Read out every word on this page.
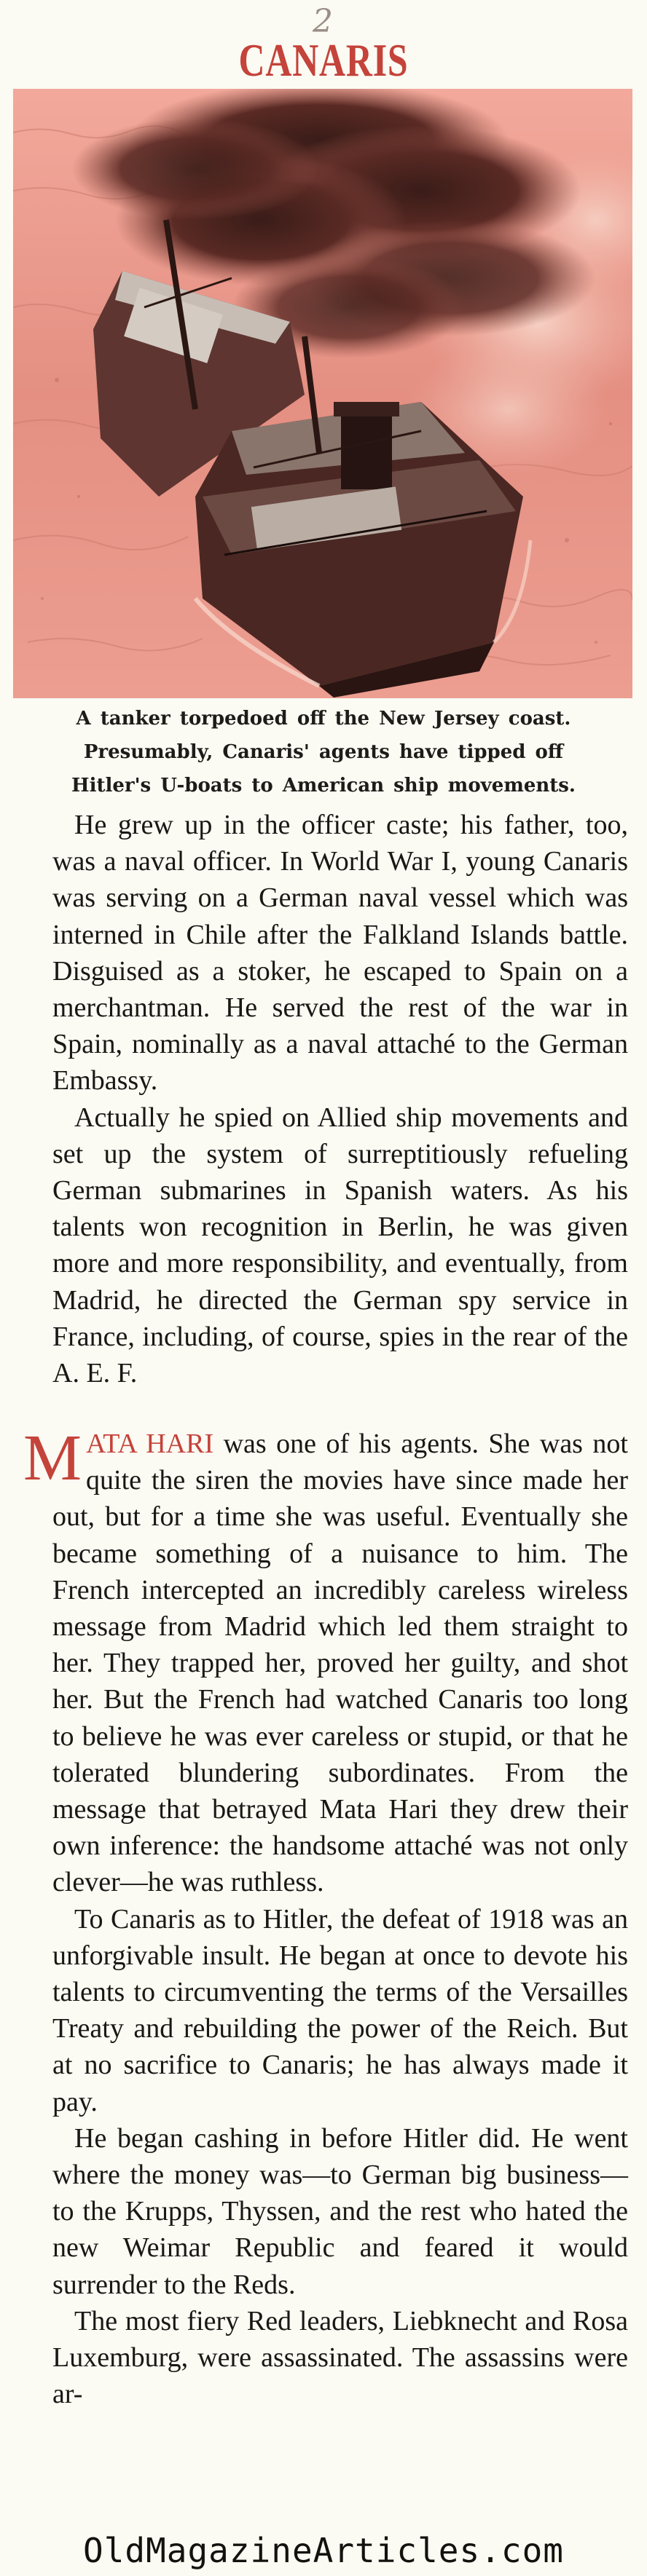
2
CANARIS
A tanker torpedoed off the New Jersey coast.
Presumably, Canaris' agents have tipped off
Hitler's U-boats to American ship movements.

He grew up in the officer caste; his father, too, was a naval officer. In World War I, young Canaris was serving on a German naval vessel which was interned in Chile after the Falkland Islands battle. Disguised as a stoker, he escaped to Spain on a merchantman. He served the rest of the war in Spain, nominally as a naval attaché to the German Embassy.

Actually he spied on Allied ship movements and set up the system of surreptitiously refueling German submarines in Spanish waters. As his talents won recognition in Berlin, he was given more and more responsibility, and eventually, from Madrid, he directed the German spy service in France, including, of course, spies in the rear of the A. E. F.

MATA HARI was one of his agents. She was not quite the siren the movies have since made her out, but for a time she was useful. Eventually she became something of a nuisance to him. The French intercepted an incredibly careless wireless message from Madrid which led them straight to her. They trapped her, proved her guilty, and shot her. But the French had watched Canaris too long to believe he was ever careless or stupid, or that he tolerated blundering subordinates. From the message that betrayed Mata Hari they drew their own inference: the handsome attaché was not only clever—he was ruthless.

To Canaris as to Hitler, the defeat of 1918 was an unforgivable insult. He began at once to devote his talents to circumventing the terms of the Versailles Treaty and rebuilding the power of the Reich. But at no sacrifice to Canaris; he has always made it pay.

He began cashing in before Hitler did. He went where the money was—to German big business—to the Krupps, Thyssen, and the rest who hated the new Weimar Republic and feared it would surrender to the Reds.

The most fiery Red leaders, Liebknecht and Rosa Luxemburg, were assassinated. The assassins were ar-

OldMagazineArticles.com
